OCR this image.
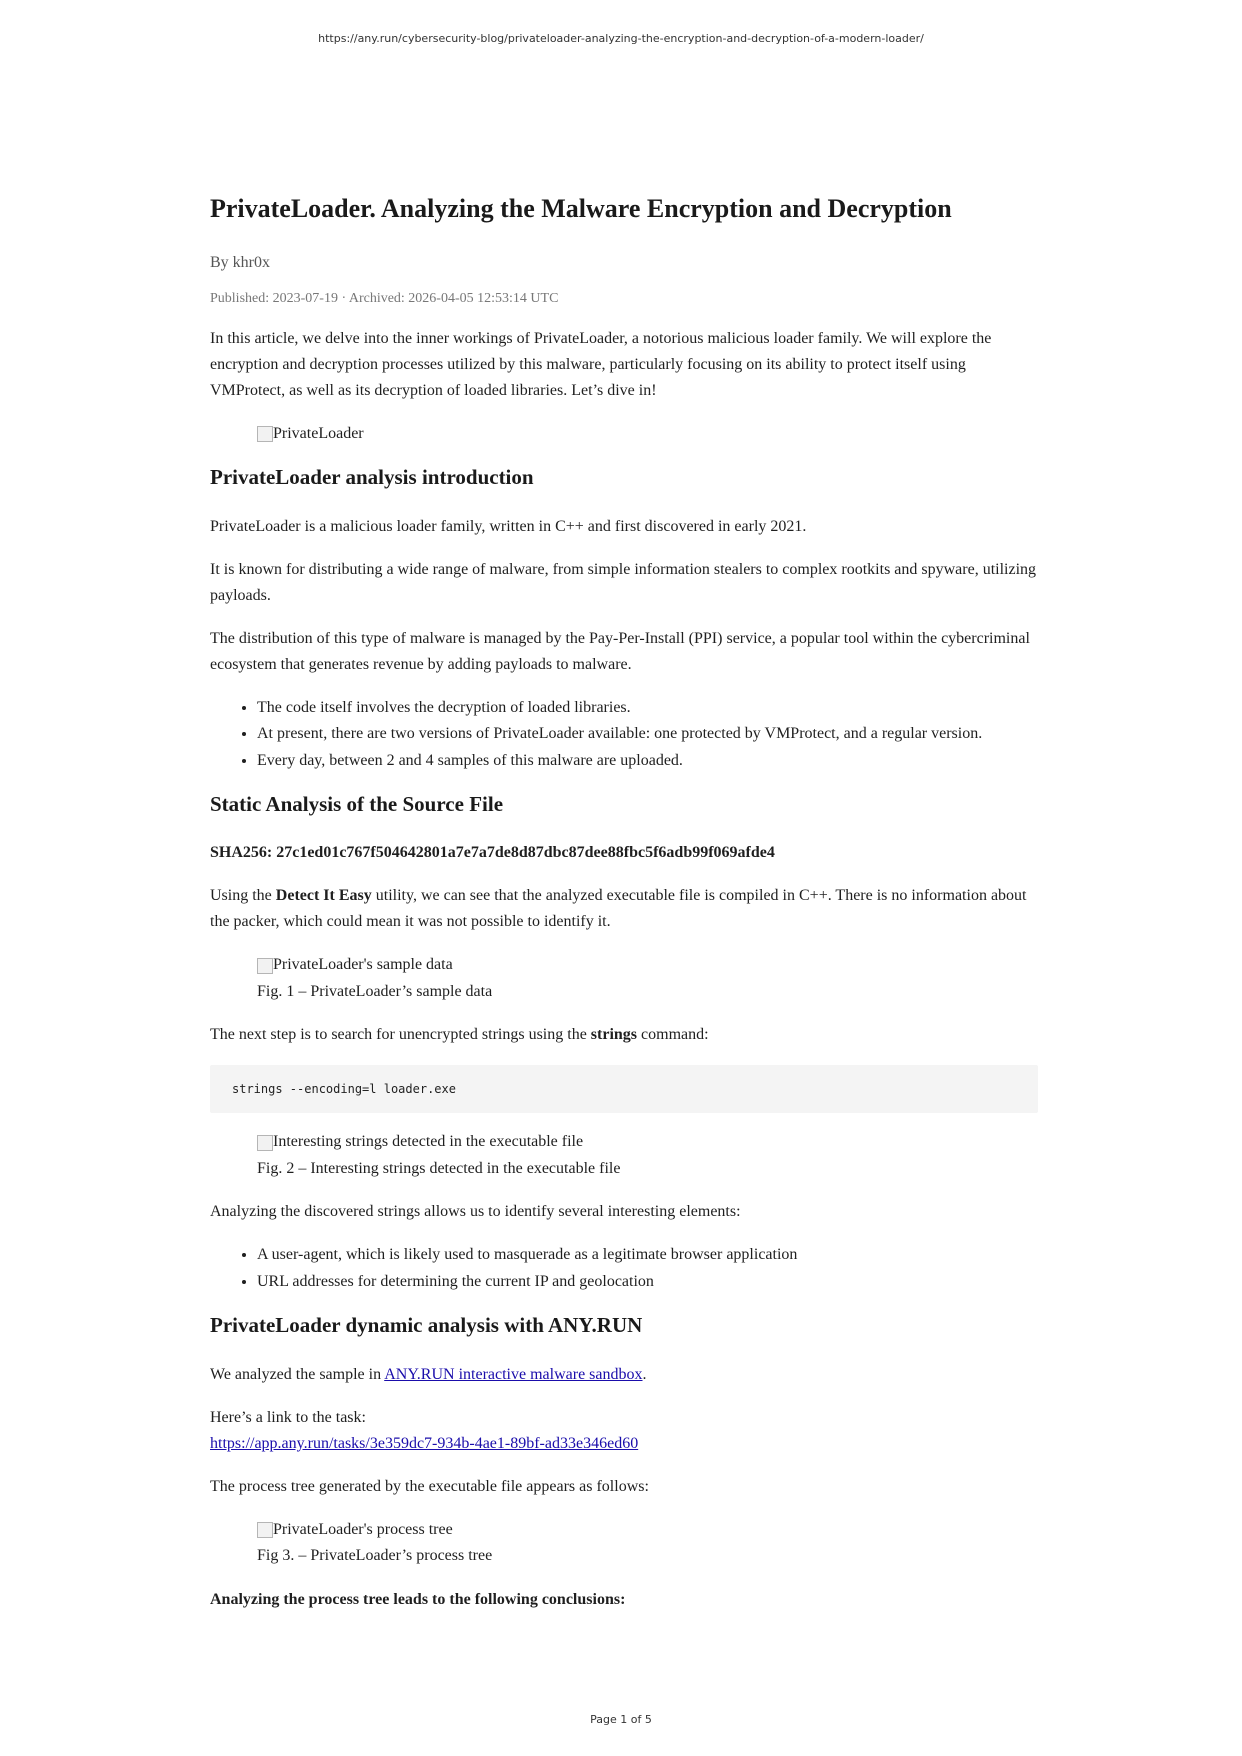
https://any.run/cybersecurity-blog/privateloader-analyzing-the-encryption-and-decryption-of-a-modern-loader/
PrivateLoader. Analyzing the Malware Encryption and Decryption

By khr0x

Published: 2023-07-19 · Archived: 2026-04-05 12:53:14 UTC

In this article, we delve into the inner workings of PrivateLoader, a notorious malicious loader family. We will explore the encryption and decryption processes utilized by this malware, particularly focusing on its ability to protect itself using VMProtect, as well as its decryption of loaded libraries. Let’s dive in!

PrivateLoader
PrivateLoader analysis introduction

PrivateLoader is a malicious loader family, written in C++ and first discovered in early 2021.

It is known for distributing a wide range of malware, from simple information stealers to complex rootkits and spyware, utilizing payloads.

The distribution of this type of malware is managed by the Pay-Per-Install (PPI) service, a popular tool within the cybercriminal ecosystem that generates revenue by adding payloads to malware.

• The code itself involves the decryption of loaded libraries.
• At present, there are two versions of PrivateLoader available: one protected by VMProtect, and a regular version.
• Every day, between 2 and 4 samples of this malware are uploaded.
Static Analysis of the Source File

SHA256: 27c1ed01c767f504642801a7e7a7de8d87dbc87dee88fbc5f6adb99f069afde4

Using the Detect It Easy utility, we can see that the analyzed executable file is compiled in C++. There is no information about the packer, which could mean it was not possible to identify it.

PrivateLoader's sample data
Fig. 1 – PrivateLoader’s sample data

The next step is to search for unencrypted strings using the strings command:

strings --encoding=l loader.exe
Interesting strings detected in the executable file
Fig. 2 – Interesting strings detected in the executable file

Analyzing the discovered strings allows us to identify several interesting elements:

• A user-agent, which is likely used to masquerade as a legitimate browser application
• URL addresses for determining the current IP and geolocation
PrivateLoader dynamic analysis with ANY.RUN

We analyzed the sample in ANY.RUN interactive malware sandbox.

Here’s a link to the task:
https://app.any.run/tasks/3e359dc7-934b-4ae1-89bf-ad33e346ed60

The process tree generated by the executable file appears as follows:

PrivateLoader's process tree
Fig 3. – PrivateLoader’s process tree

Analyzing the process tree leads to the following conclusions:

Page 1 of 5
